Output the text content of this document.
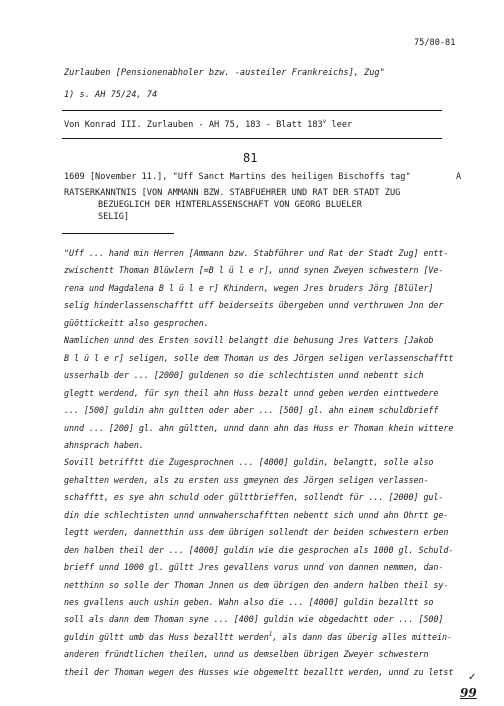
75/80-81
Zurlauben [Pensionenabholer bzw. -austeiler Frankreichs], Zug"
1) s. AH 75/24, 74
Von Konrad III. Zurlauben - AH 75, 183 - Blatt 183$^v$ leer
81
1609 [November 11.], "Uff Sanct Martins des heiligen Bischoffs tag"	A
RATSERKANNTNIS [VON AMMANN BZW. STABFUEHRER UND RAT DER STADT ZUG
BEZUEGLICH DER HINTERLASSENSCHAFT VON GEORG BLUELER
SELIG]
"Uff ... hand min Herren [Ammann bzw. Stabführer und Rat der Stadt Zug] entt-
zwischentt Thoman Blüwlern [=B l ü l e r], unnd synen Zweyen schwestern [Ve-
rena und Magdalena B l ü l e r] Khindern, wegen Jres bruders Jörg [Blüler]
selig hinderlassenschafftt uff beiderseits übergeben unnd verthruwen Jnn der
güöttickeitt also gesprochen.
Namlichen unnd des Ersten sovill belangtt die behusung Jres Vatters [Jakob
B l ü l e r] seligen, solle dem Thoman us des Jörgen seligen verlassenschafftt
usserhalb der ... [2000] guldenen so die schlechtisten unnd nebentt sich
glegtt werdend, für syn theil ahn Huss bezalt unnd geben werden einttwedere
... [500] guldin ahn gultten oder aber ... [500] gl. ahn einem schuldbrieff
unnd ... [200] gl. ahn gültten, unnd dann ahn das Huss er Thoman khein wittere
ahnsprach haben.
Sovill betrifftt die Zugesprochnen ... [4000] guldin, belangtt, solle also
gehaltten werden, als zu ersten uss gmeynen des Jörgen seligen verlassen-
schafftt, es sye ahn schuld oder gülttbrieffen, sollendt für ... [2000] gul-
din die schlechtisten unnd unnwaherschafftten nebentt sich unnd ahn Ohrtt ge-
legtt werden, dannetthin uss dem übrigen sollendt der beiden schwestern erben
den halben theil der ... [4000] guldin wie die gesprochen als 1000 gl. Schuld-
brieff unnd 1000 gl. gültt Jres gevallens vorus unnd von dannen nemmen, dan-
netthinn so solle der Thoman Jnnen us dem übrigen den andern halben theil sy-
nes gvallens auch ushin geben. Wahn also die ... [4000] guldin bezalltt so
soll als dann dem Thoman syne ... [400] guldin wie obgedachtt oder ... [500]
guldin gültt umb das Huss bezalltt werden$^1$, als dann das überig alles mittein-
anderen fründtlichen theilen, unnd us demselben übrigen Zweyer schwestern
theil der Thoman wegen des Husses wie obgemeltt bezalltt werden, unnd zu letst
✓
99
